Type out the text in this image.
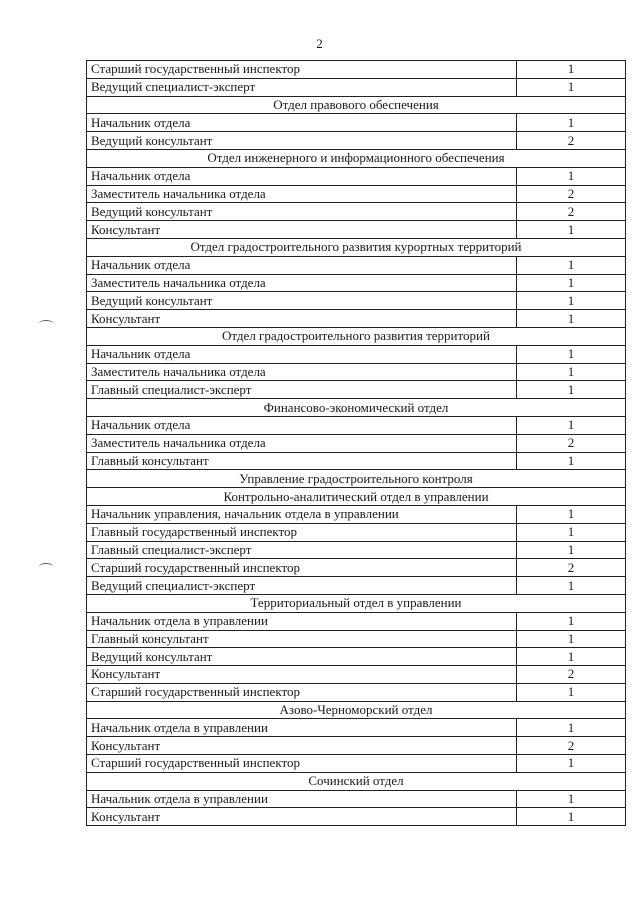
2
Старший государственный инспектор	1
Ведущий специалист-эксперт	1
Отдел правового обеспечения	
Начальник отдела	1
Ведущий консультант	2
Отдел инженерного и информационного обеспечения	
Начальник отдела	1
Заместитель начальника отдела	2
Ведущий консультант	2
Консультант	1
Отдел градостроительного развития курортных территорий	
Начальник отдела	1
Заместитель начальника отдела	1
Ведущий консультант	1
Консультант	1
Отдел градостроительного развития территорий	
Начальник отдела	1
Заместитель начальника отдела	1
Главный специалист-эксперт	1
Финансово-экономический отдел	
Начальник отдела	1
Заместитель начальника отдела	2
Главный консультант	1
Управление градостроительного контроля	
Контрольно-аналитический отдел в управлении	
Начальник управления, начальник отдела в управлении	1
Главный государственный инспектор	1
Главный специалист-эксперт	1
Старший государственный инспектор	2
Ведущий специалист-эксперт	1
Территориальный отдел в управлении	
Начальник отдела в управлении	1
Главный консультант	1
Ведущий консультант	1
Консультант	2
Старший государственный инспектор	1
Азово-Черноморский отдел	
Начальник отдела в управлении	1
Консультант	2
Старший государственный инспектор	1
Сочинский отдел	
Начальник отдела в управлении	1
Консультант	1
